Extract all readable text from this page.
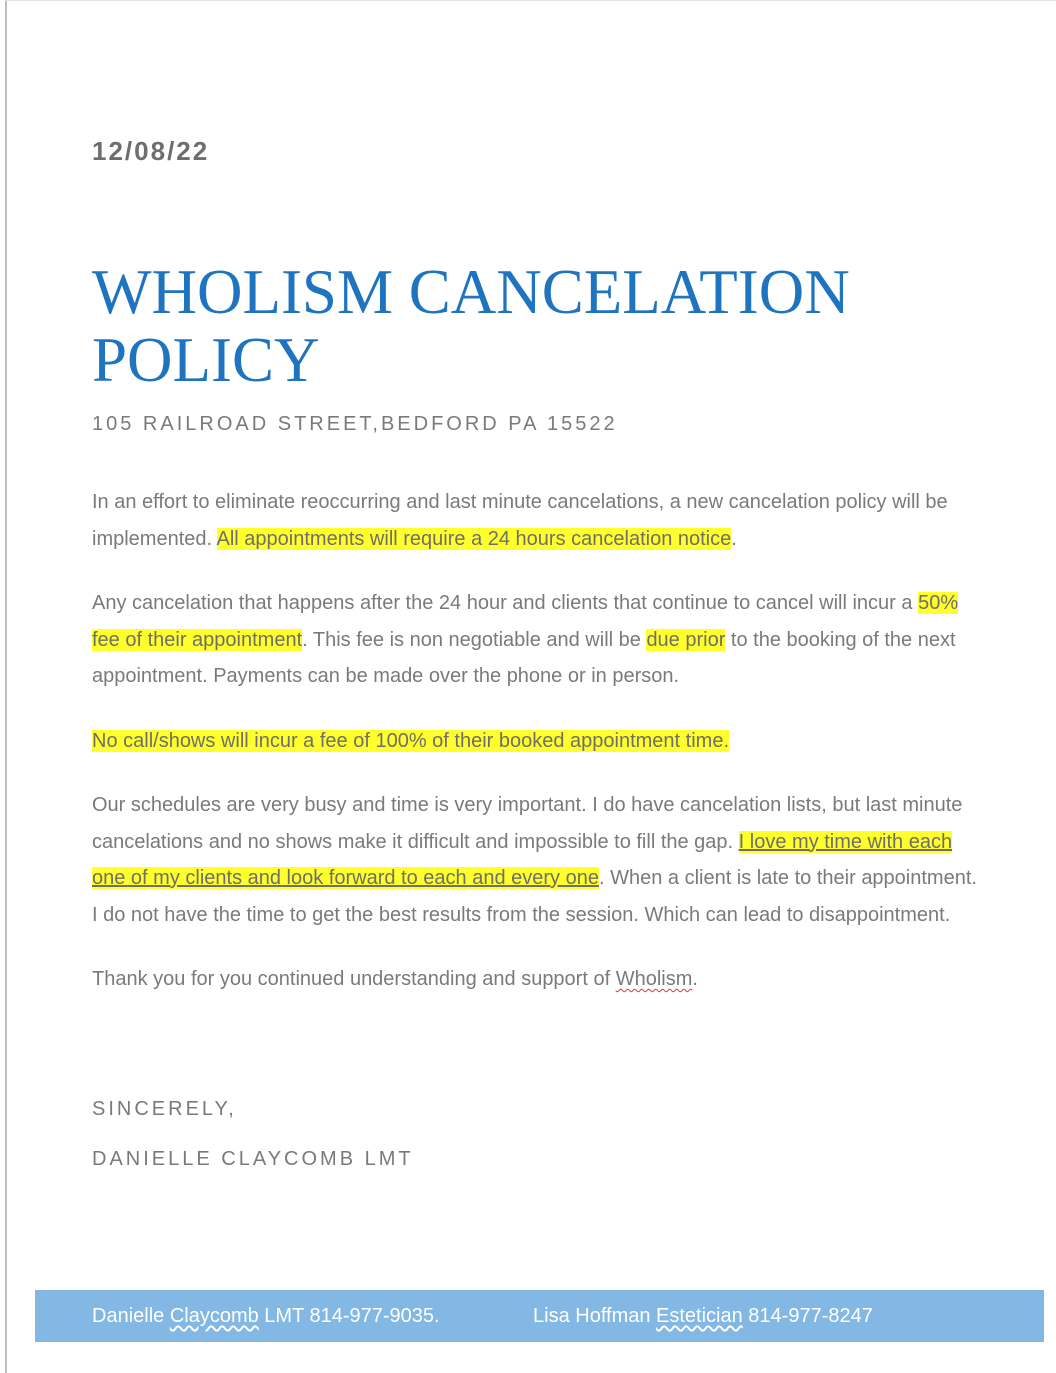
12/08/22
WHOLISM CANCELATION POLICY
105 RAILROAD STREET,BEDFORD PA 15522

In an effort to eliminate reoccurring and last minute cancelations, a new cancelation policy will be implemented. All appointments will require a 24 hours cancelation notice.

Any cancelation that happens after the 24 hour and clients that continue to cancel will incur a 50% fee of their appointment. This fee is non negotiable and will be due prior to the booking of the next appointment. Payments can be made over the phone or in person.

No call/shows will incur a fee of 100% of their booked appointment time.

Our schedules are very busy and time is very important. I do have cancelation lists, but last minute cancelations and no shows make it difficult and impossible to fill the gap. I love my time with each one of my clients and look forward to each and every one. When a client is late to their appointment. I do not have the time to get the best results from the session. Which can lead to disappointment.

Thank you for you continued understanding and support of Wholism.

SINCERELY,
DANIELLE CLAYCOMB LMT
Danielle Claycomb LMT 814-977-9035.	Lisa Hoffman Estetician 814-977-8247
